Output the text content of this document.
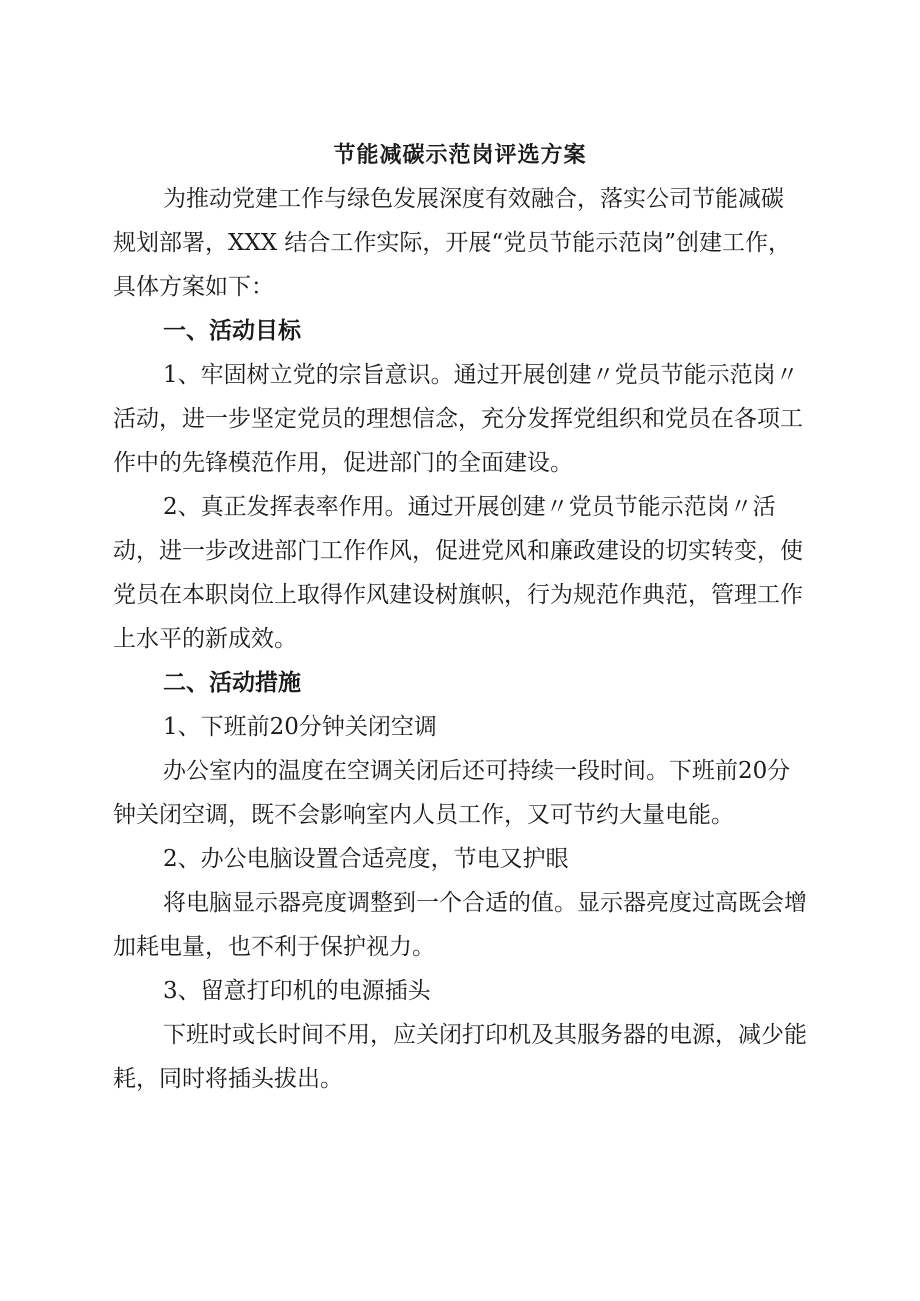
节能减碳示范岗评选方案
为推动党建工作与绿色发展深度有效融合，落实公司节能减碳
规划部署，XXX 结合工作实际，开展“党员节能示范岗”创建工作，
具体方案如下：
一、活动目标
1、牢固树立党的宗旨意识。通过开展创建〃党员节能示范岗〃
活动，进一步坚定党员的理想信念，充分发挥党组织和党员在各项工
作中的先锋模范作用，促进部门的全面建设。
2、真正发挥表率作用。通过开展创建〃党员节能示范岗〃活
动，进一步改进部门工作作风，促进党风和廉政建设的切实转变，使
党员在本职岗位上取得作风建设树旗帜，行为规范作典范，管理工作
上水平的新成效。
二、活动措施
1、下班前20分钟关闭空调
办公室内的温度在空调关闭后还可持续一段时间。下班前20分
钟关闭空调，既不会影响室内人员工作，又可节约大量电能。
2、办公电脑设置合适亮度，节电又护眼
将电脑显示器亮度调整到一个合适的值。显示器亮度过高既会增
加耗电量，也不利于保护视力。
3、留意打印机的电源插头
下班时或长时间不用，应关闭打印机及其服务器的电源，减少能
耗，同时将插头拔出。
